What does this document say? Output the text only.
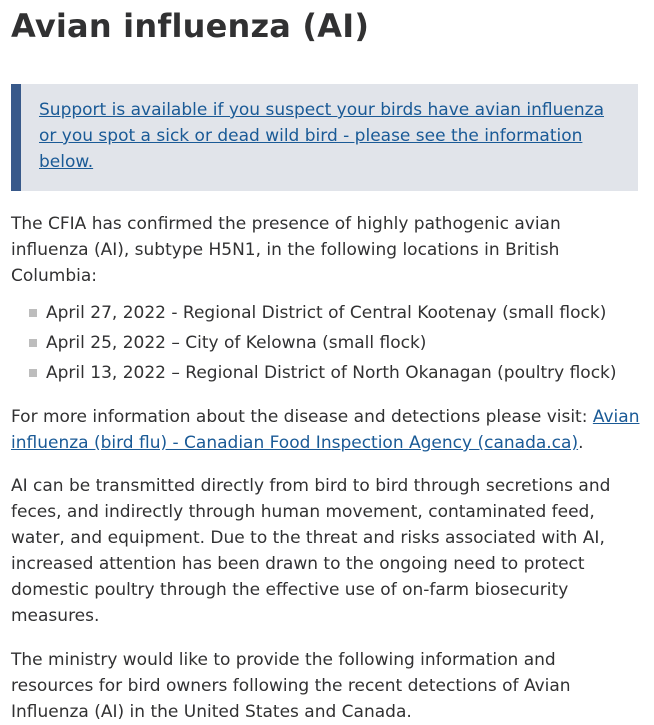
Avian influenza (AI)
Support is available if you suspect your birds have avian influenza or you spot a sick or dead wild bird - please see the information below.

The CFIA has confirmed the presence of highly pathogenic avian influenza (AI), subtype H5N1, in the following locations in British Columbia:

April 27, 2022 - Regional District of Central Kootenay (small flock)
April 25, 2022 – City of Kelowna (small flock)
April 13, 2022 – Regional District of North Okanagan (poultry flock)

For more information about the disease and detections please visit: Avian influenza (bird flu) - Canadian Food Inspection Agency (canada.ca).

AI can be transmitted directly from bird to bird through secretions and feces, and indirectly through human movement, contaminated feed, water, and equipment. Due to the threat and risks associated with AI, increased attention has been drawn to the ongoing need to protect domestic poultry through the effective use of on-farm biosecurity measures.

The ministry would like to provide the following information and resources for bird owners following the recent detections of Avian Influenza (AI) in the United States and Canada.
